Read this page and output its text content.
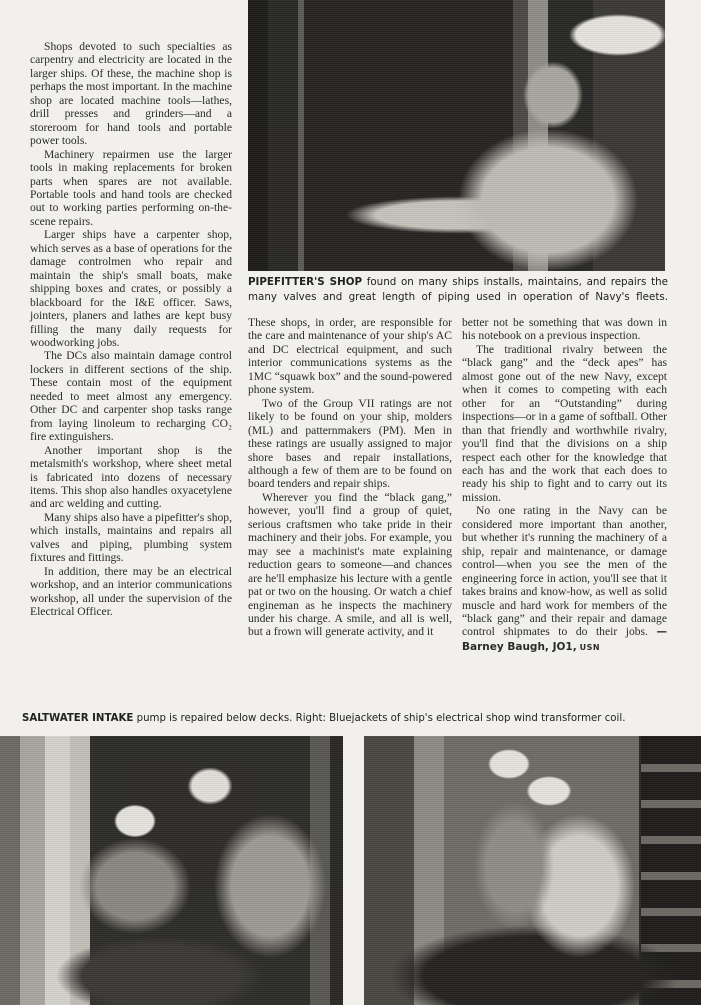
Shops devoted to such specialties as carpentry and electricity are located in the larger ships. Of these, the machine shop is perhaps the most important. In the machine shop are located machine tools—lathes, drill presses and grinders—and a storeroom for hand tools and portable power tools.

Machinery repairmen use the larger tools in making replacements for broken parts when spares are not available. Portable tools and hand tools are checked out to working parties performing on-the-scene repairs.

Larger ships have a carpenter shop, which serves as a base of operations for the damage controlmen who repair and maintain the ship's small boats, make shipping boxes and crates, or possibly a blackboard for the I&E officer. Saws, jointers, planers and lathes are kept busy filling the many daily requests for woodworking jobs.

The DCs also maintain damage control lockers in different sections of the ship. These contain most of the equipment needed to meet almost any emergency. Other DC and carpenter shop tasks range from laying linoleum to recharging CO₂ fire extinguishers.

Another important shop is the metalsmith's workshop, where sheet metal is fabricated into dozens of necessary items. This shop also handles oxyacetylene and arc welding and cutting.

Many ships also have a pipefitter's shop, which installs, maintains and repairs all valves and piping, plumbing system fixtures and fittings.

In addition, there may be an electrical workshop, and an interior communications workshop, all under the supervision of the Electrical Officer.

PIPEFITTER'S SHOP found on many ships installs, maintains, and repairs the many valves and great length of piping used in operation of Navy's fleets.

These shops, in order, are responsible for the care and maintenance of your ship's AC and DC electrical equipment, and such interior communications systems as the 1MC “squawk box” and the sound-powered phone system.

Two of the Group VII ratings are not likely to be found on your ship, molders (ML) and patternmakers (PM). Men in these ratings are usually assigned to major shore bases and repair installations, although a few of them are to be found on board tenders and repair ships.

Wherever you find the “black gang,” however, you'll find a group of quiet, serious craftsmen who take pride in their machinery and their jobs. For example, you may see a machinist's mate explaining reduction gears to someone—and chances are he'll emphasize his lecture with a gentle pat or two on the housing. Or watch a chief engineman as he inspects the machinery under his charge. A smile, and all is well, but a frown will generate activity, and it

better not be something that was down in his notebook on a previous inspection.

The traditional rivalry between the “black gang” and the “deck apes” has almost gone out of the new Navy, except when it comes to competing with each other for an “Outstanding” during inspections—or in a game of softball. Other than that friendly and worthwhile rivalry, you'll find that the divisions on a ship respect each other for the knowledge that each has and the work that each does to ready his ship to fight and to carry out its mission.

No one rating in the Navy can be considered more important than another, but whether it's running the machinery of a ship, repair and maintenance, or damage control—when you see the men of the engineering force in action, you'll see that it takes brains and know-how, as well as solid muscle and hard work for members of the “black gang” and their repair and damage control shipmates to do their jobs. —Barney Baugh, JO1, USN

SALTWATER INTAKE pump is repaired below decks. Right: Bluejackets of ship's electrical shop wind transformer coil.
